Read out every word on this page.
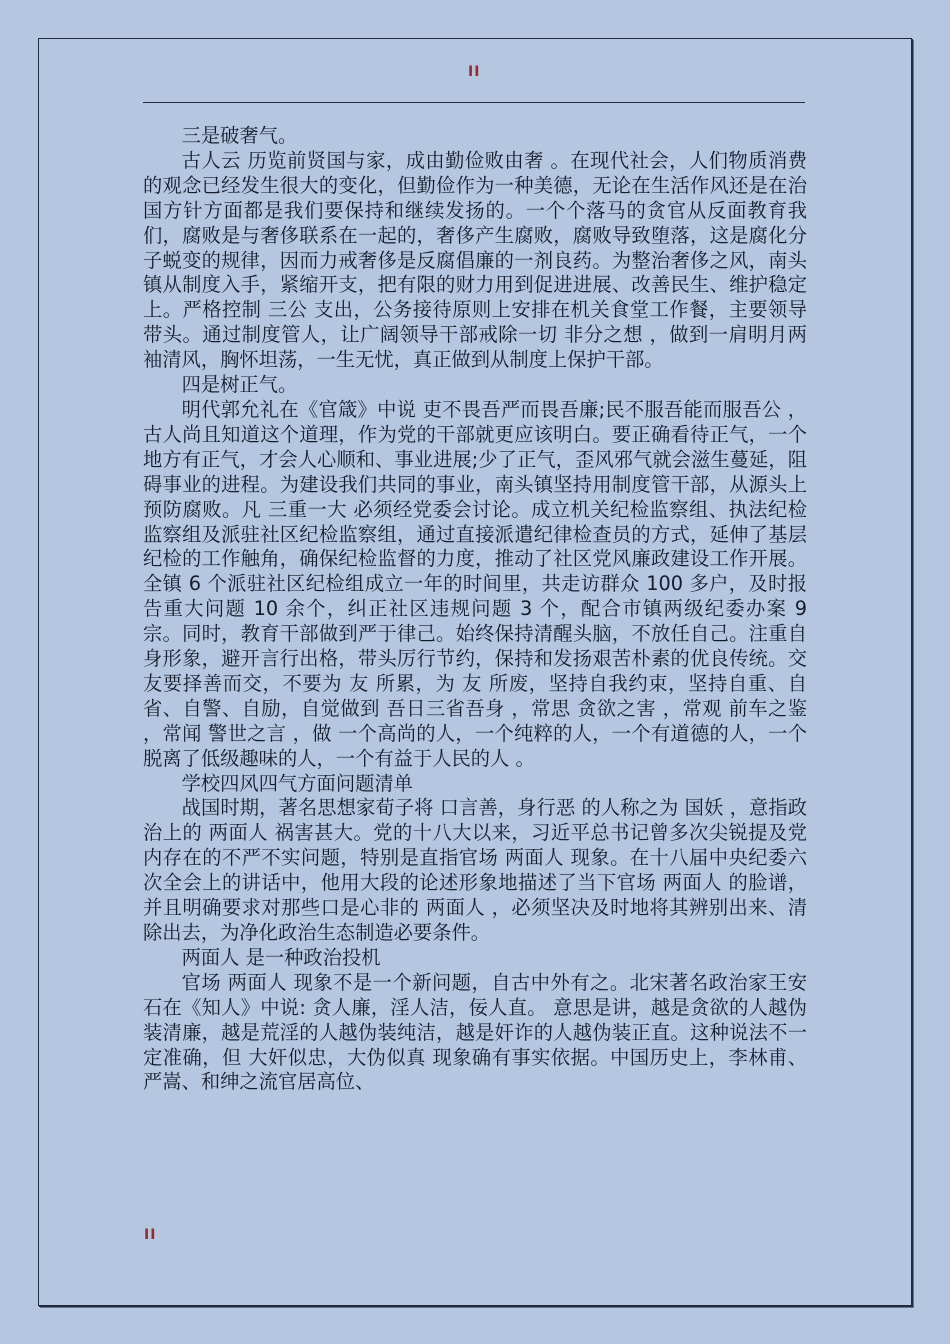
II

三是破奢气。

古人云 历览前贤国与家，成由勤俭败由奢 。在现代社会，人们物质消费的观念已经发生很大的变化，但勤俭作为一种美德，无论在生活作风还是在治国方针方面都是我们要保持和继续发扬的。一个个落马的贪官从反面教育我们，腐败是与奢侈联系在一起的，奢侈产生腐败，腐败导致堕落，这是腐化分子蜕变的规律，因而力戒奢侈是反腐倡廉的一剂良药。为整治奢侈之风，南头镇从制度入手，紧缩开支，把有限的财力用到促进进展、改善民生、维护稳定上。严格控制 三公 支出，公务接待原则上安排在机关食堂工作餐，主要领导带头。通过制度管人，让广阔领导干部戒除一切 非分之想 ，做到一肩明月两袖清风，胸怀坦荡，一生无忧，真正做到从制度上保护干部。

四是树正气。

明代郭允礼在《官箴》中说 吏不畏吾严而畏吾廉;民不服吾能而服吾公 ，古人尚且知道这个道理，作为党的干部就更应该明白。要正确看待正气，一个地方有正气，才会人心顺和、事业进展;少了正气，歪风邪气就会滋生蔓延，阻碍事业的进程。为建设我们共同的事业，南头镇坚持用制度管干部，从源头上预防腐败。凡 三重一大 必须经党委会讨论。成立机关纪检监察组、执法纪检监察组及派驻社区纪检监察组，通过直接派遣纪律检查员的方式，延伸了基层纪检的工作触角，确保纪检监督的力度，推动了社区党风廉政建设工作开展。全镇 6 个派驻社区纪检组成立一年的时间里，共走访群众 100 多户，及时报告重大问题 10 余个，纠正社区违规问题 3 个，配合市镇两级纪委办案 9 宗。同时，教育干部做到严于律己。始终保持清醒头脑，不放任自己。注重自身形象，避开言行出格，带头厉行节约，保持和发扬艰苦朴素的优良传统。交友要择善而交，不要为 友 所累，为 友 所废，坚持自我约束，坚持自重、自省、自警、自励，自觉做到 吾日三省吾身 ，常思 贪欲之害 ，常观 前车之鉴 ，常闻 警世之言 ，做 一个高尚的人，一个纯粹的人，一个有道德的人，一个脱离了低级趣味的人，一个有益于人民的人 。

学校四风四气方面问题清单

战国时期，著名思想家荀子将 口言善，身行恶 的人称之为 国妖 ，意指政治上的 两面人 祸害甚大。党的十八大以来，习近平总书记曾多次尖锐提及党内存在的不严不实问题，特别是直指官场 两面人 现象。在十八届中央纪委六次全会上的讲话中，他用大段的论述形象地描述了当下官场 两面人 的脸谱，并且明确要求对那些口是心非的 两面人 ，必须坚决及时地将其辨别出来、清除出去，为净化政治生态制造必要条件。

两面人 是一种政治投机

官场 两面人 现象不是一个新问题，自古中外有之。北宋著名政治家王安石在《知人》中说: 贪人廉，淫人洁，佞人直。 意思是讲，越是贪欲的人越伪装清廉，越是荒淫的人越伪装纯洁，越是奸诈的人越伪装正直。这种说法不一定准确，但 大奸似忠，大伪似真 现象确有事实依据。中国历史上，李林甫、严嵩、和绅之流官居高位、

II
